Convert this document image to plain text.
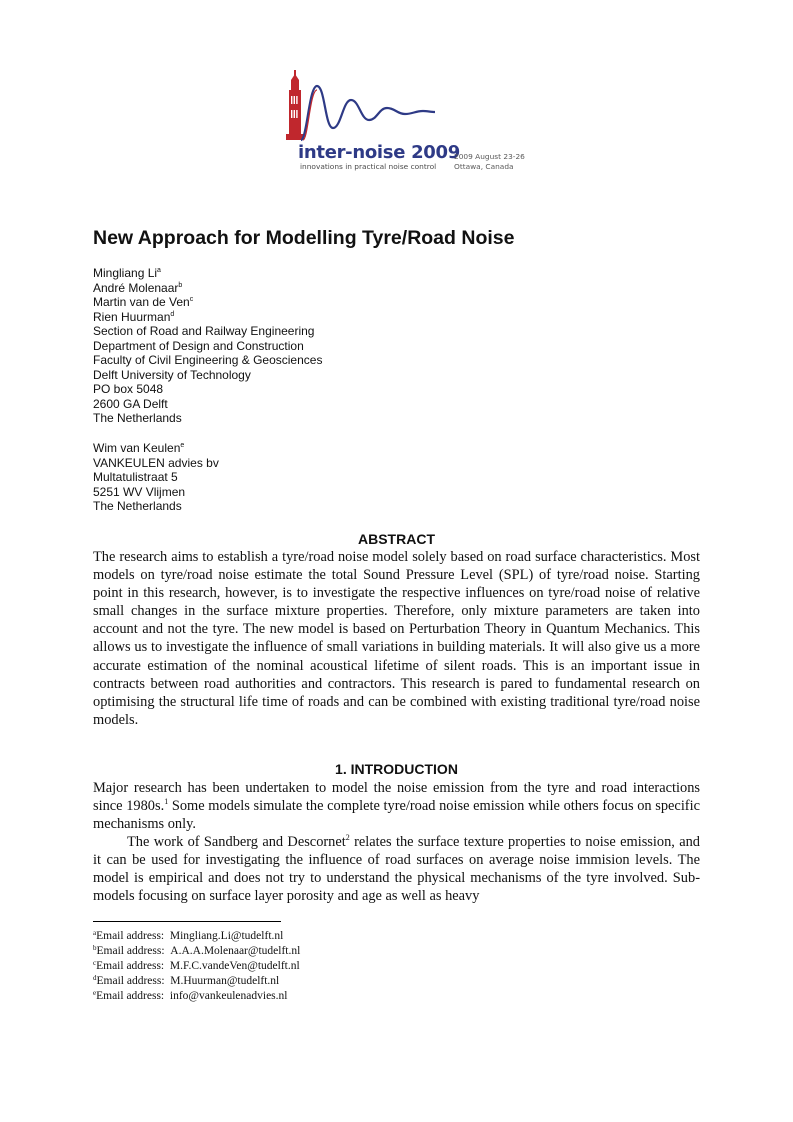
inter-noise 2009
innovations in practical noise control
2009 August 23-26
Ottawa, Canada
New Approach for Modelling Tyre/Road Noise
Mingliang Li$^a$
André Molenaar$^b$
Martin van de Ven$^c$
Rien Huurman$^d$
Section of Road and Railway Engineering
Department of Design and Construction
Faculty of Civil Engineering & Geosciences
Delft University of Technology
PO box 5048
2600 GA Delft
The Netherlands
Wim van Keulen$^e$
VANKEULEN advies bv
Multatulistraat 5
5251 WV Vlijmen
The Netherlands
ABSTRACT

The research aims to establish a tyre/road noise model solely based on road surface characteristics. Most models on tyre/road noise estimate the total Sound Pressure Level (SPL) of tyre/road noise. Starting point in this research, however, is to investigate the respective influences on tyre/road noise of relative small changes in the surface mixture properties. Therefore, only mixture parameters are taken into account and not the tyre. The new model is based on Perturbation Theory in Quantum Mechanics. This allows us to investigate the influence of small variations in building materials. It will also give us a more accurate estimation of the nominal acoustical lifetime of silent roads. This is an important issue in contracts between road authorities and contractors. This research is pared to fundamental research on optimising the structural life time of roads and can be combined with existing traditional tyre/road noise models.

1. INTRODUCTION

Major research has been undertaken to model the noise emission from the tyre and road interactions since 1980s.$^1$ Some models simulate the complete tyre/road noise emission while others focus on specific mechanisms only.

The work of Sandberg and Descornet$^2$ relates the surface texture properties to noise emission, and it can be used for investigating the influence of road surfaces on average noise immision levels. The model is empirical and does not try to understand the physical mechanisms of the tyre involved. Sub-models focusing on surface layer porosity and age as well as heavy

$^a$Email address: Mingliang.Li@tudelft.nl
$^b$Email address: A.A.A.Molenaar@tudelft.nl
$^c$Email address: M.F.C.vandeVen@tudelft.nl
$^d$Email address: M.Huurman@tudelft.nl
$^e$Email address: info@vankeulenadvies.nl
